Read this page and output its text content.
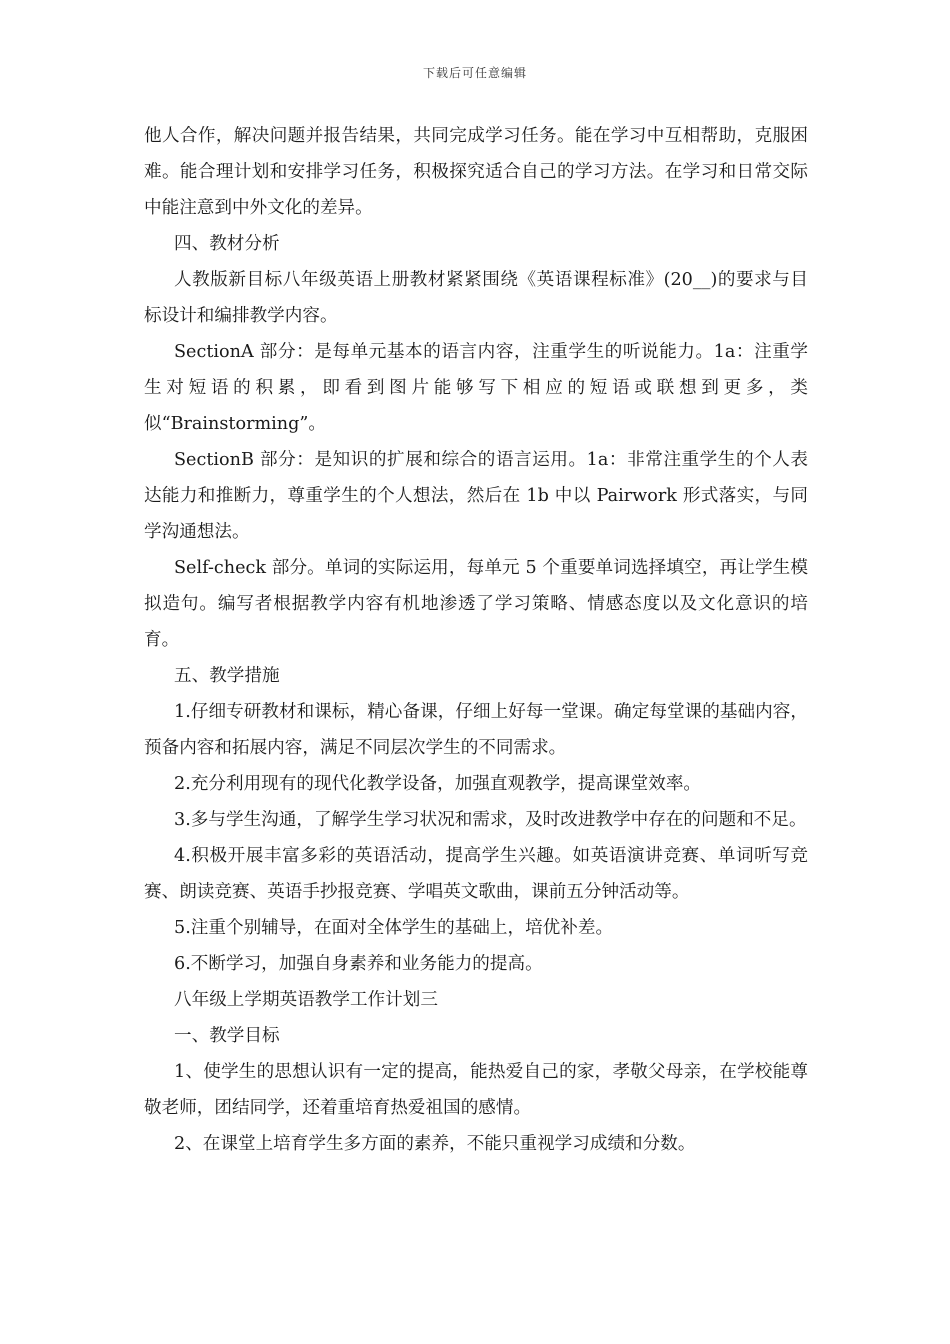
下载后可任意编辑

他人合作，解决问题并报告结果，共同完成学习任务。能在学习中互相帮助，克服困难。能合理计划和安排学习任务，积极探究适合自己的学习方法。在学习和日常交际中能注意到中外文化的差异。

四、教材分析

人教版新目标八年级英语上册教材紧紧围绕《英语课程标准》(20__)的要求与目标设计和编排教学内容。

SectionA 部分：是每单元基本的语言内容，注重学生的听说能力。1a：注重学生对短语的积累，即看到图片能够写下相应的短语或联想到更多，类似“Brainstorming”。

SectionB 部分：是知识的扩展和综合的语言运用。1a：非常注重学生的个人表达能力和推断力，尊重学生的个人想法，然后在 1b 中以 Pairwork 形式落实，与同学沟通想法。

Self-check 部分。单词的实际运用，每单元 5 个重要单词选择填空，再让学生模拟造句。编写者根据教学内容有机地渗透了学习策略、情感态度以及文化意识的培育。

五、教学措施

1.仔细专研教材和课标，精心备课，仔细上好每一堂课。确定每堂课的基础内容，预备内容和拓展内容，满足不同层次学生的不同需求。

2.充分利用现有的现代化教学设备，加强直观教学，提高课堂效率。

3.多与学生沟通，了解学生学习状况和需求，及时改进教学中存在的问题和不足。

4.积极开展丰富多彩的英语活动，提高学生兴趣。如英语演讲竞赛、单词听写竞赛、朗读竞赛、英语手抄报竞赛、学唱英文歌曲，课前五分钟活动等。

5.注重个别辅导，在面对全体学生的基础上，培优补差。

6.不断学习，加强自身素养和业务能力的提高。

八年级上学期英语教学工作计划三

一、教学目标

1、使学生的思想认识有一定的提高，能热爱自己的家，孝敬父母亲，在学校能尊敬老师，团结同学，还着重培育热爱祖国的感情。

2、在课堂上培育学生多方面的素养，不能只重视学习成绩和分数。
